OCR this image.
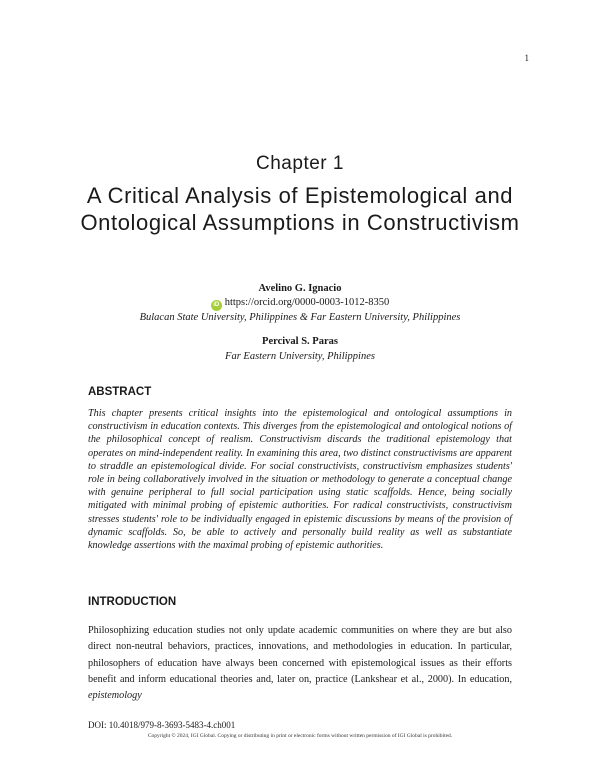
1
Chapter 1
A Critical Analysis of Epistemological and Ontological Assumptions in Constructivism
Avelino G. Ignacio
iD https://orcid.org/0000-0003-1012-8350
Bulacan State University, Philippines & Far Eastern University, Philippines
Percival S. Paras
Far Eastern University, Philippines
ABSTRACT

This chapter presents critical insights into the epistemological and ontological assumptions in constructivism in education contexts. This diverges from the epistemological and ontological notions of the philosophical concept of realism. Constructivism discards the traditional epistemology that operates on mind-independent reality. In examining this area, two distinct constructivisms are apparent to straddle an epistemological divide. For social constructivists, constructivism emphasizes students' role in being collaboratively involved in the situation or methodology to generate a conceptual change with genuine peripheral to full social participation using static scaffolds. Hence, being socially mitigated with minimal probing of epistemic authorities. For radical constructivists, constructivism stresses students' role to be individually engaged in epistemic discussions by means of the provision of dynamic scaffolds. So, be able to actively and personally build reality as well as substantiate knowledge assertions with the maximal probing of epistemic authorities.

INTRODUCTION

Philosophizing education studies not only update academic communities on where they are but also direct non-neutral behaviors, practices, innovations, and methodologies in education. In particular, philosophers of education have always been concerned with epistemological issues as their efforts benefit and inform educational theories and, later on, practice (Lankshear et al., 2000). In education, epistemology

DOI: 10.4018/979-8-3693-5483-4.ch001
Copyright © 2024, IGI Global. Copying or distributing in print or electronic forms without written permission of IGI Global is prohibited.
